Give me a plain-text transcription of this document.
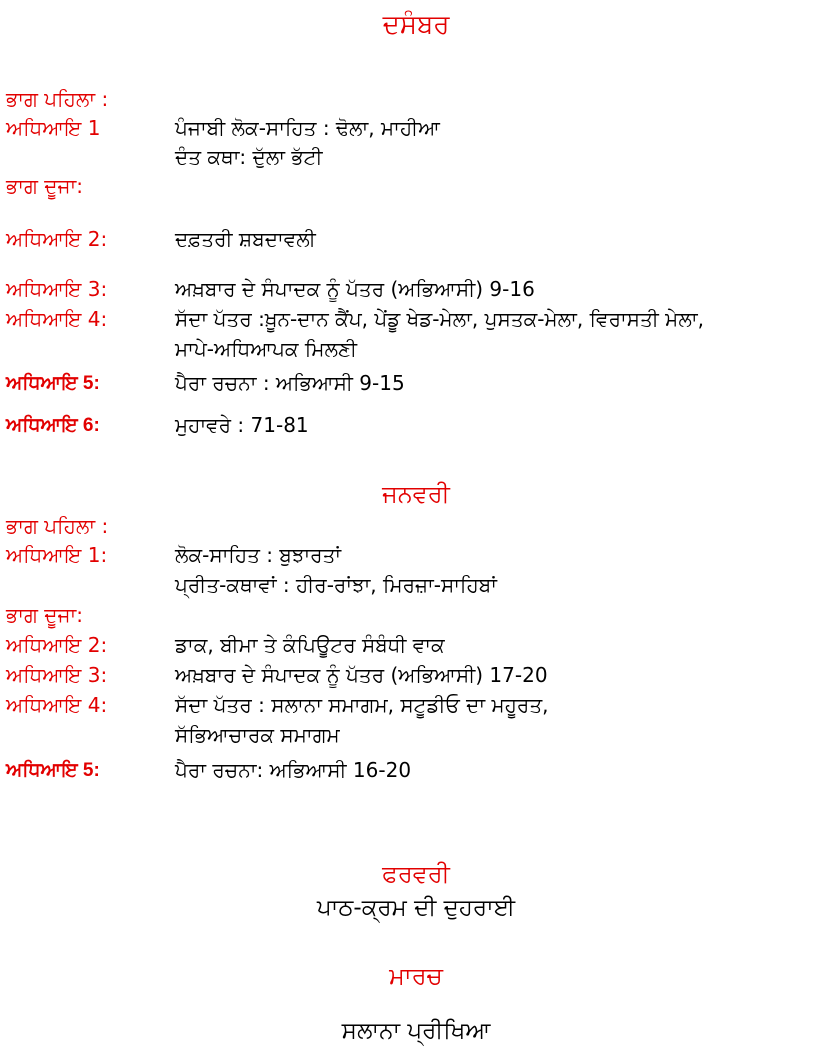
ਦਸੰਬਰ
ਭਾਗ ਪਹਿਲਾ :
ਅਧਿਆਇ 1	ਪੰਜਾਬੀ ਲੋਕ-ਸਾਹਿਤ : ਢੋਲਾ, ਮਾਹੀਆ
ਦੰਤ ਕਥਾ: ਦੁੱਲਾ ਭੱਟੀ
ਭਾਗ ਦੂਜਾ:
ਅਧਿਆਇ 2:	ਦਫ਼ਤਰੀ ਸ਼ਬਦਾਵਲੀ
ਅਧਿਆਇ 3:	ਅਖ਼ਬਾਰ ਦੇ ਸੰਪਾਦਕ ਨੂੰ ਪੱਤਰ (ਅਭਿਆਸੀ) 9-16
ਅਧਿਆਇ 4:	ਸੱਦਾ ਪੱਤਰ :ਖ਼ੂਨ-ਦਾਨ ਕੈਂਪ, ਪੇਂਡੂ ਖੇਡ-ਮੇਲਾ, ਪੁਸਤਕ-ਮੇਲਾ, ਵਿਰਾਸਤੀ ਮੇਲਾ,
ਮਾਪੇ-ਅਧਿਆਪਕ ਮਿਲਣੀ
ਅਧਿਆਇ 5:	ਪੈਰਾ ਰਚਨਾ : ਅਭਿਆਸੀ 9-15
ਅਧਿਆਇ 6:	ਮੁਹਾਵਰੇ : 71-81
ਜਨਵਰੀ
ਭਾਗ ਪਹਿਲਾ :
ਅਧਿਆਇ 1:	ਲੋਕ-ਸਾਹਿਤ : ਬੁਝਾਰਤਾਂ
ਪ੍ਰੀਤ-ਕਥਾਵਾਂ : ਹੀਰ-ਰਾਂਝਾ, ਮਿਰਜ਼ਾ-ਸਾਹਿਬਾਂ
ਭਾਗ ਦੂਜਾ:
ਅਧਿਆਇ 2:	ਡਾਕ, ਬੀਮਾ ਤੇ ਕੰਪਿਊਟਰ ਸੰਬੰਧੀ ਵਾਕ
ਅਧਿਆਇ 3:	ਅਖ਼ਬਾਰ ਦੇ ਸੰਪਾਦਕ ਨੂੰ ਪੱਤਰ (ਅਭਿਆਸੀ) 17-20
ਅਧਿਆਇ 4:	ਸੱਦਾ ਪੱਤਰ : ਸਲਾਨਾ ਸਮਾਗਮ, ਸਟੂਡੀਓ ਦਾ ਮਹੂਰਤ,
ਸੱਭਿਆਚਾਰਕ ਸਮਾਗਮ
ਅਧਿਆਇ 5:	ਪੈਰਾ ਰਚਨਾ: ਅਭਿਆਸੀ 16-20
ਫਰਵਰੀ
ਪਾਠ-ਕ੍ਰਮ ਦੀ ਦੁਹਰਾਈ
ਮਾਰਚ
ਸਲਾਨਾ ਪ੍ਰੀਖਿਆ
